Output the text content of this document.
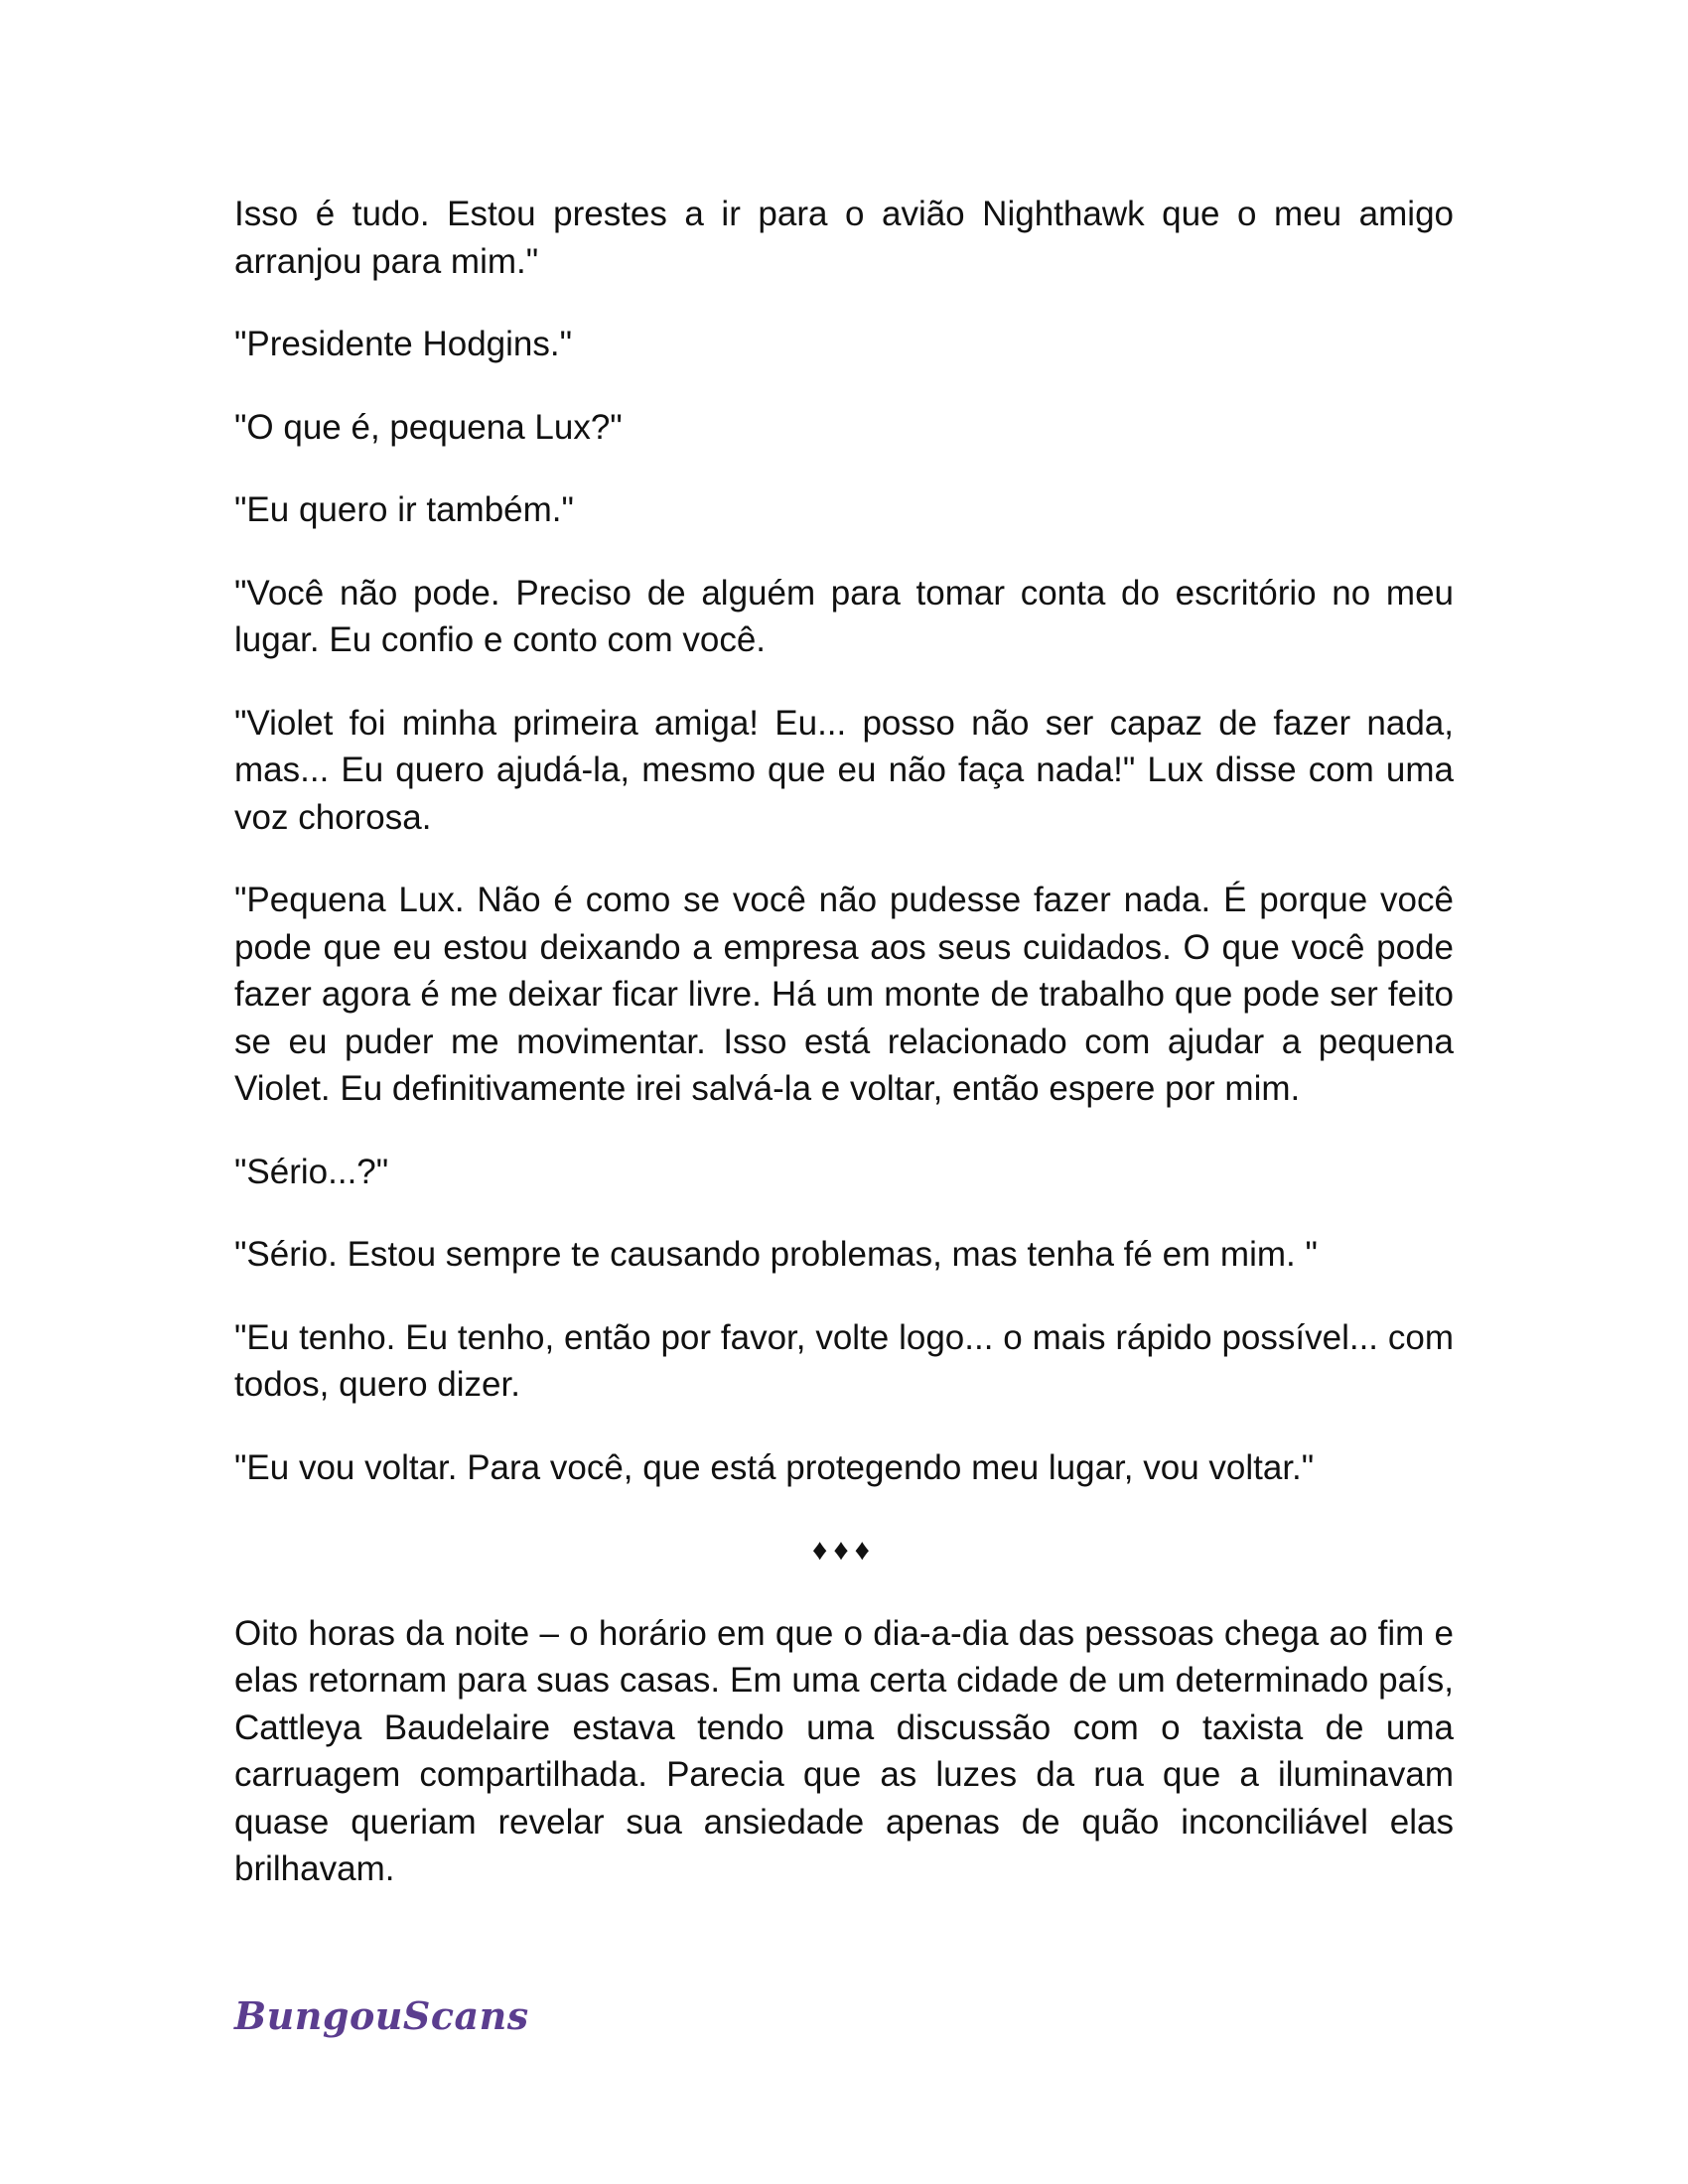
Isso é tudo. Estou prestes a ir para o avião Nighthawk que o meu amigo arranjou para mim."

"Presidente Hodgins."

"O que é, pequena Lux?"

"Eu quero ir também."

"Você não pode. Preciso de alguém para tomar conta do escritório no meu lugar. Eu confio e conto com você.

"Violet foi minha primeira amiga! Eu... posso não ser capaz de fazer nada, mas... Eu quero ajudá-la, mesmo que eu não faça nada!" Lux disse com uma voz chorosa.

"Pequena Lux. Não é como se você não pudesse fazer nada. É porque você pode que eu estou deixando a empresa aos seus cuidados. O que você pode fazer agora é me deixar ficar livre. Há um monte de trabalho que pode ser feito se eu puder me movimentar. Isso está relacionado com ajudar a pequena Violet. Eu definitivamente irei salvá-la e voltar, então espere por mim.

"Sério...?"

"Sério. Estou sempre te causando problemas, mas tenha fé em mim. "

"Eu tenho. Eu tenho, então por favor, volte logo... o mais rápido possível... com todos, quero dizer.

"Eu vou voltar. Para você, que está protegendo meu lugar, vou voltar."

♦♦♦

Oito horas da noite – o horário em que o dia-a-dia das pessoas chega ao fim e elas retornam para suas casas. Em uma certa cidade de um determinado país, Cattleya Baudelaire estava tendo uma discussão com o taxista de uma carruagem compartilhada. Parecia que as luzes da rua que a iluminavam quase queriam revelar sua ansiedade apenas de quão inconciliável elas brilhavam.

BungouScans
